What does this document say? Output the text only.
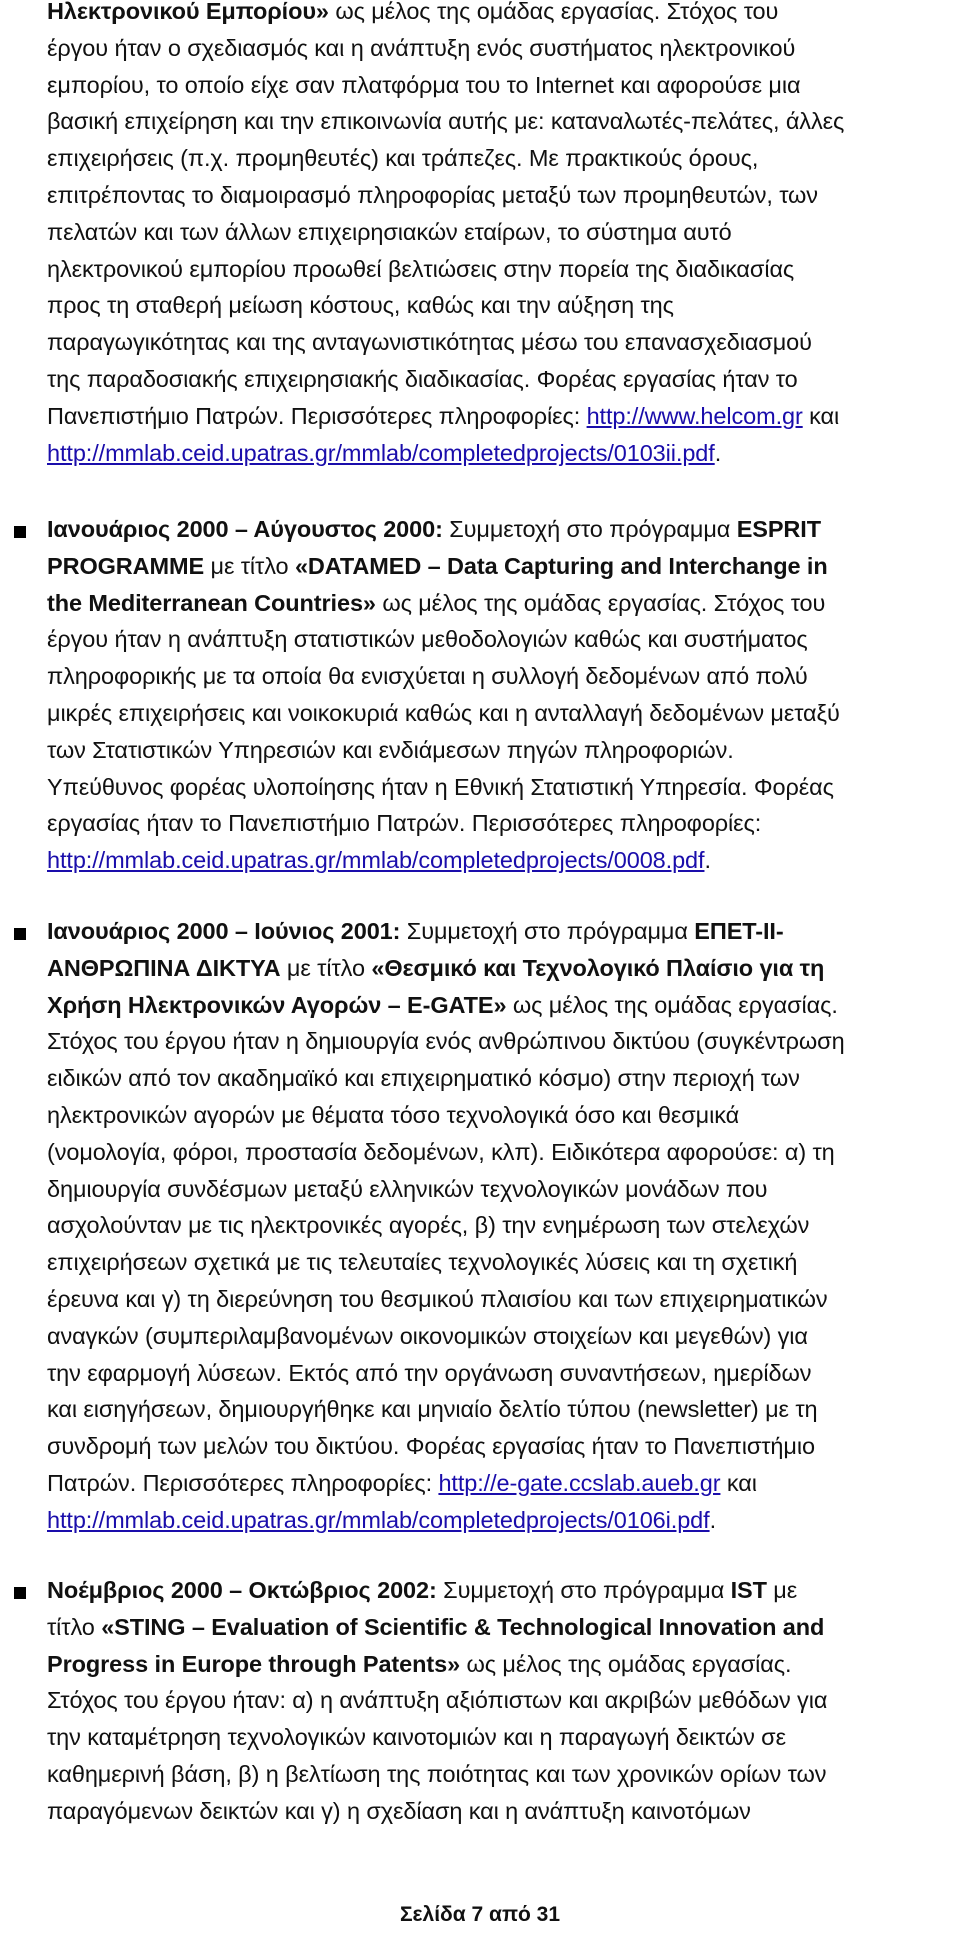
Ηλεκτρονικού Εμπορίου» ως μέλος της ομάδας εργασίας. Στόχος του
έργου ήταν ο σχεδιασμός και η ανάπτυξη ενός συστήματος ηλεκτρονικού
εμπορίου, το οποίο είχε σαν πλατφόρμα του το Internet και αφορούσε μια
βασική επιχείρηση και την επικοινωνία αυτής με: καταναλωτές-πελάτες, άλλες
επιχειρήσεις (π.χ. προμηθευτές) και τράπεζες. Με πρακτικούς όρους,
επιτρέποντας το διαμοιρασμό πληροφορίας μεταξύ των προμηθευτών, των
πελατών και των άλλων επιχειρησιακών εταίρων, το σύστημα αυτό
ηλεκτρονικού εμπορίου προωθεί βελτιώσεις στην πορεία της διαδικασίας
προς τη σταθερή μείωση κόστους, καθώς και την αύξηση της
παραγωγικότητας και της ανταγωνιστικότητας μέσω του επανασχεδιασμού
της παραδοσιακής επιχειρησιακής διαδικασίας. Φορέας εργασίας ήταν το
Πανεπιστήμιο Πατρών. Περισσότερες πληροφορίες: http://www.helcom.gr και
http://mmlab.ceid.upatras.gr/mmlab/completedprojects/0103ii.pdf.
Ιανουάριος 2000 – Αύγουστος 2000: Συμμετοχή στο πρόγραμμα ESPRIT
PROGRAMME με τίτλο «DATAMED – Data Capturing and Interchange in
the Mediterranean Countries» ως μέλος της ομάδας εργασίας. Στόχος του
έργου ήταν η ανάπτυξη στατιστικών μεθοδολογιών καθώς και συστήματος
πληροφορικής με τα οποία θα ενισχύεται η συλλογή δεδομένων από πολύ
μικρές επιχειρήσεις και νοικοκυριά καθώς και η ανταλλαγή δεδομένων μεταξύ
των Στατιστικών Υπηρεσιών και ενδιάμεσων πηγών πληροφοριών.
Υπεύθυνος φορέας υλοποίησης ήταν η Εθνική Στατιστική Υπηρεσία. Φορέας
εργασίας ήταν το Πανεπιστήμιο Πατρών. Περισσότερες πληροφορίες:
http://mmlab.ceid.upatras.gr/mmlab/completedprojects/0008.pdf.
Ιανουάριος 2000 – Ιούνιος 2001: Συμμετοχή στο πρόγραμμα ΕΠΕΤ-ΙΙ-
ΑΝΘΡΩΠΙΝΑ ΔΙΚΤΥΑ με τίτλο «Θεσμικό και Τεχνολογικό Πλαίσιο για τη
Χρήση Ηλεκτρονικών Αγορών – E-GATE» ως μέλος της ομάδας εργασίας.
Στόχος του έργου ήταν η δημιουργία ενός ανθρώπινου δικτύου (συγκέντρωση
ειδικών από τον ακαδημαϊκό και επιχειρηματικό κόσμο) στην περιοχή των
ηλεκτρονικών αγορών με θέματα τόσο τεχνολογικά όσο και θεσμικά
(νομολογία, φόροι, προστασία δεδομένων, κλπ). Ειδικότερα αφορούσε: α) τη
δημιουργία συνδέσμων μεταξύ ελληνικών τεχνολογικών μονάδων που
ασχολούνταν με τις ηλεκτρονικές αγορές, β) την ενημέρωση των στελεχών
επιχειρήσεων σχετικά με τις τελευταίες τεχνολογικές λύσεις και τη σχετική
έρευνα και γ) τη διερεύνηση του θεσμικού πλαισίου και των επιχειρηματικών
αναγκών (συμπεριλαμβανομένων οικονομικών στοιχείων και μεγεθών) για
την εφαρμογή λύσεων. Εκτός από την οργάνωση συναντήσεων, ημερίδων
και εισηγήσεων, δημιουργήθηκε και μηνιαίο δελτίο τύπου (newsletter) με τη
συνδρομή των μελών του δικτύου. Φορέας εργασίας ήταν το Πανεπιστήμιο
Πατρών. Περισσότερες πληροφορίες: http://e-gate.ccslab.aueb.gr και
http://mmlab.ceid.upatras.gr/mmlab/completedprojects/0106i.pdf.
Νοέμβριος 2000 – Οκτώβριος 2002: Συμμετοχή στο πρόγραμμα IST με
τίτλο «STING – Evaluation of Scientific & Technological Innovation and
Progress in Europe through Patents» ως μέλος της ομάδας εργασίας.
Στόχος του έργου ήταν: α) η ανάπτυξη αξιόπιστων και ακριβών μεθόδων για
την καταμέτρηση τεχνολογικών καινοτομιών και η παραγωγή δεικτών σε
καθημερινή βάση, β) η βελτίωση της ποιότητας και των χρονικών ορίων των
παραγόμενων δεικτών και γ) η σχεδίαση και η ανάπτυξη καινοτόμων
Σελίδα 7 από 31
